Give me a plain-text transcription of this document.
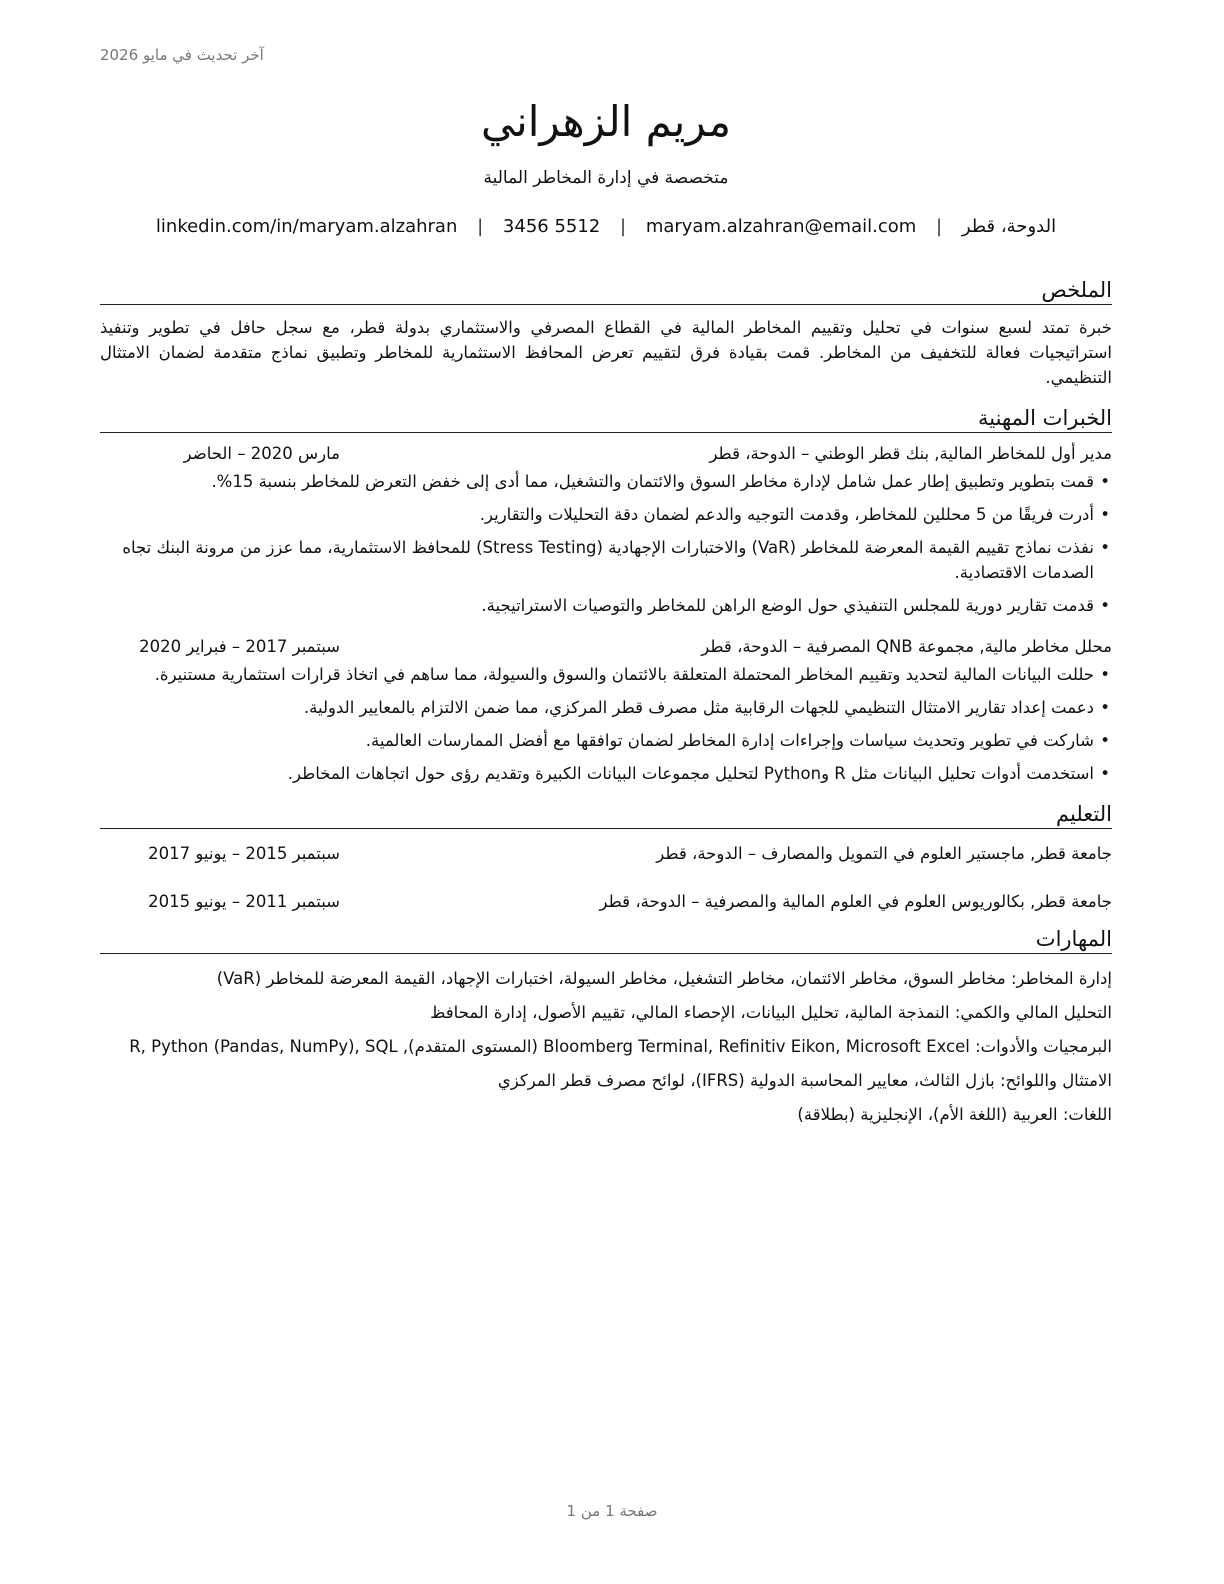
آخر تحديث في مايو 2026
مريم الزهراني
متخصصة في إدارة المخاطر المالية
الدوحة، قطر | maryam.alzahran@email.com | 3456 5512 | linkedin.com/in/maryam.alzahran
الملخص

خبرة تمتد لسبع سنوات في تحليل وتقييم المخاطر المالية في القطاع المصرفي والاستثماري بدولة قطر، مع سجل حافل في تطوير وتنفيذ استراتيجيات فعالة للتخفيف من المخاطر. قمت بقيادة فرق لتقييم تعرض المحافظ الاستثمارية للمخاطر وتطبيق نماذج متقدمة لضمان الامتثال التنظيمي.

الخبرات المهنية
مدير أول للمخاطر المالية, بنك قطر الوطني – الدوحة، قطر
مارس 2020 – الحاضر
•
قمت بتطوير وتطبيق إطار عمل شامل لإدارة مخاطر السوق والائتمان والتشغيل، مما أدى إلى خفض التعرض للمخاطر بنسبة 15%.
•
أدرت فريقًا من 5 محللين للمخاطر، وقدمت التوجيه والدعم لضمان دقة التحليلات والتقارير.
•
نفذت نماذج تقييم القيمة المعرضة للمخاطر (VaR) والاختبارات الإجهادية (Stress Testing) للمحافظ الاستثمارية، مما عزز من مرونة البنك تجاه الصدمات الاقتصادية.
•
قدمت تقارير دورية للمجلس التنفيذي حول الوضع الراهن للمخاطر والتوصيات الاستراتيجية.
محلل مخاطر مالية, مجموعة QNB المصرفية – الدوحة، قطر
سبتمبر 2017 – فبراير 2020
•
حللت البيانات المالية لتحديد وتقييم المخاطر المحتملة المتعلقة بالائتمان والسوق والسيولة، مما ساهم في اتخاذ قرارات استثمارية مستنيرة.
•
دعمت إعداد تقارير الامتثال التنظيمي للجهات الرقابية مثل مصرف قطر المركزي، مما ضمن الالتزام بالمعايير الدولية.
•
شاركت في تطوير وتحديث سياسات وإجراءات إدارة المخاطر لضمان توافقها مع أفضل الممارسات العالمية.
•
استخدمت أدوات تحليل البيانات مثل R وPython لتحليل مجموعات البيانات الكبيرة وتقديم رؤى حول اتجاهات المخاطر.
التعليم
جامعة قطر, ماجستير العلوم في التمويل والمصارف – الدوحة، قطر
سبتمبر 2015 – يونيو 2017
جامعة قطر, بكالوريوس العلوم في العلوم المالية والمصرفية – الدوحة، قطر
سبتمبر 2011 – يونيو 2015
المهارات
إدارة المخاطر: مخاطر السوق، مخاطر الائتمان، مخاطر التشغيل، مخاطر السيولة، اختبارات الإجهاد، القيمة المعرضة للمخاطر (VaR)
التحليل المالي والكمي: النمذجة المالية، تحليل البيانات، الإحصاء المالي، تقييم الأصول، إدارة المحافظ
البرمجيات والأدوات: Bloomberg Terminal, Refinitiv Eikon, Microsoft Excel (المستوى المتقدم), R, Python (Pandas, NumPy), SQL
الامتثال واللوائح: بازل الثالث، معايير المحاسبة الدولية (IFRS)، لوائح مصرف قطر المركزي
اللغات: العربية (اللغة الأم)، الإنجليزية (بطلاقة)
صفحة 1 من 1
